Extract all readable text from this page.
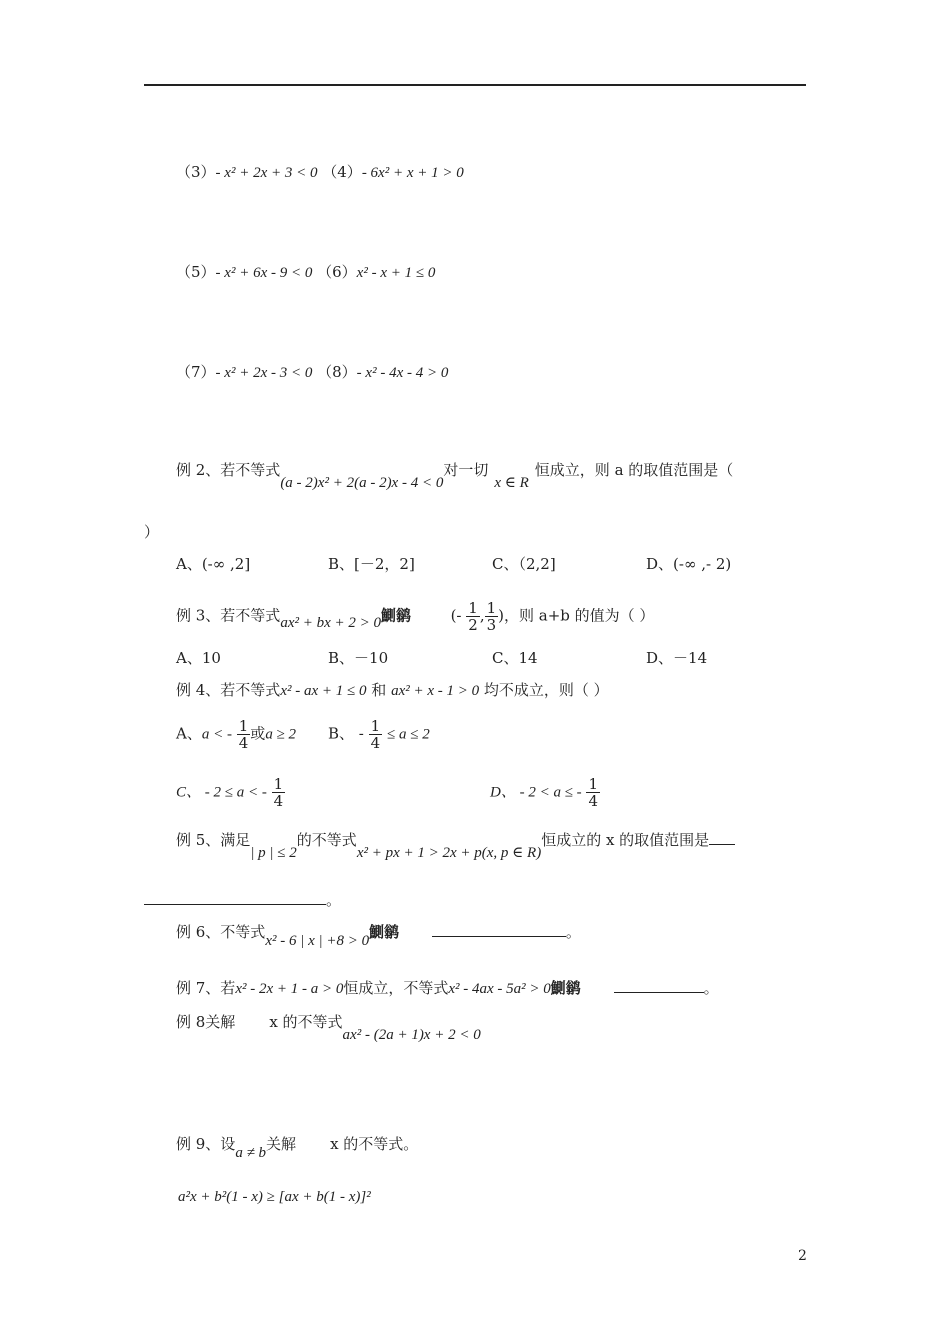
（3）- x² + 2x + 3 < 0 （4）- 6x² + x + 1 > 0
（5）- x² + 6x - 9 < 0 （6）x² - x + 1 ≤ 0
（7）- x² + 2x - 3 < 0 （8）- x² - 4x - 4 > 0
例 2、若不等式(a - 2)x² + 2(a - 2)x - 4 < 0对一切x ∈ R恒成立，则 a 的取值范围是（
）
A、(-∞ ,2]	B、[－2，2]	C、（2,2]	D、(-∞ ,- 2)
例 3、若不等式ax² + bx + 2 > 0鰂鹟	(- $\frac{1}{2}$ , $\frac{1}{3}$ )，则 a+b 的值为（ ）
A、10	B、－10	C、14	D、－14
例 4、若不等式x² - ax + 1 ≤ 0 和 ax² + x - 1 > 0 均不成立，则（ ）
A、a < - $\frac{1}{4}$ 或a ≥ 2 B、 - $\frac{1}{4} \le a \le 2$
C、 - 2 ≤ a < - $\frac{1}{4}$	D、 - 2 < a ≤ - $\frac{1}{4}$
例 5、满足| p | ≤ 2的不等式x² + px + 1 > 2x + p(x, p ∈ R)恒成立的 x 的取值范围是
。
例 6、不等式x² - 6 | x | +8 > 0鰂鹟	。
例 7、若x² - 2x + 1 - a > 0恒成立，不等式x² - 4ax - 5a² > 0鰂鹟	。
例 8关解 x 的不等式ax² - (2a + 1)x + 2 < 0
例 9、设a ≠ b关解 x 的不等式。
a²x + b²(1 - x) ≥ [ax + b(1 - x)]²
2
